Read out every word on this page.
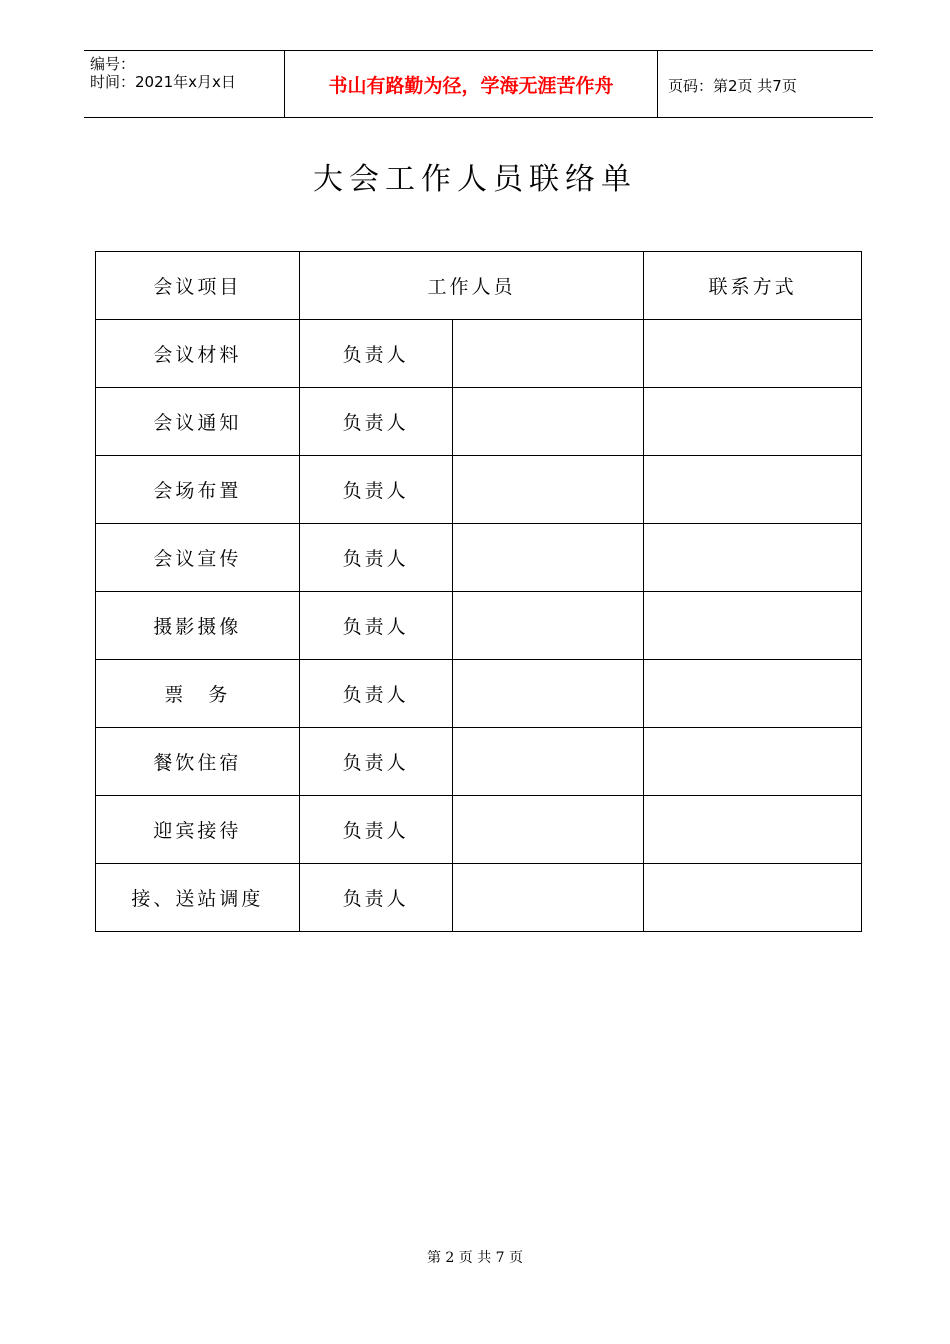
编号：
时间：2021年x月x日	书山有路勤为径，学海无涯苦作舟	页码：第2页 共7页
大会工作人员联络单
会议项目	工作人员		联系方式
会议材料	负责人		
会议通知	负责人		
会场布置	负责人		
会议宣传	负责人		
摄影摄像	负责人		
票　务	负责人		
餐饮住宿	负责人		
迎宾接待	负责人		
接、送站调度	负责人		
第 2 页 共 7 页
